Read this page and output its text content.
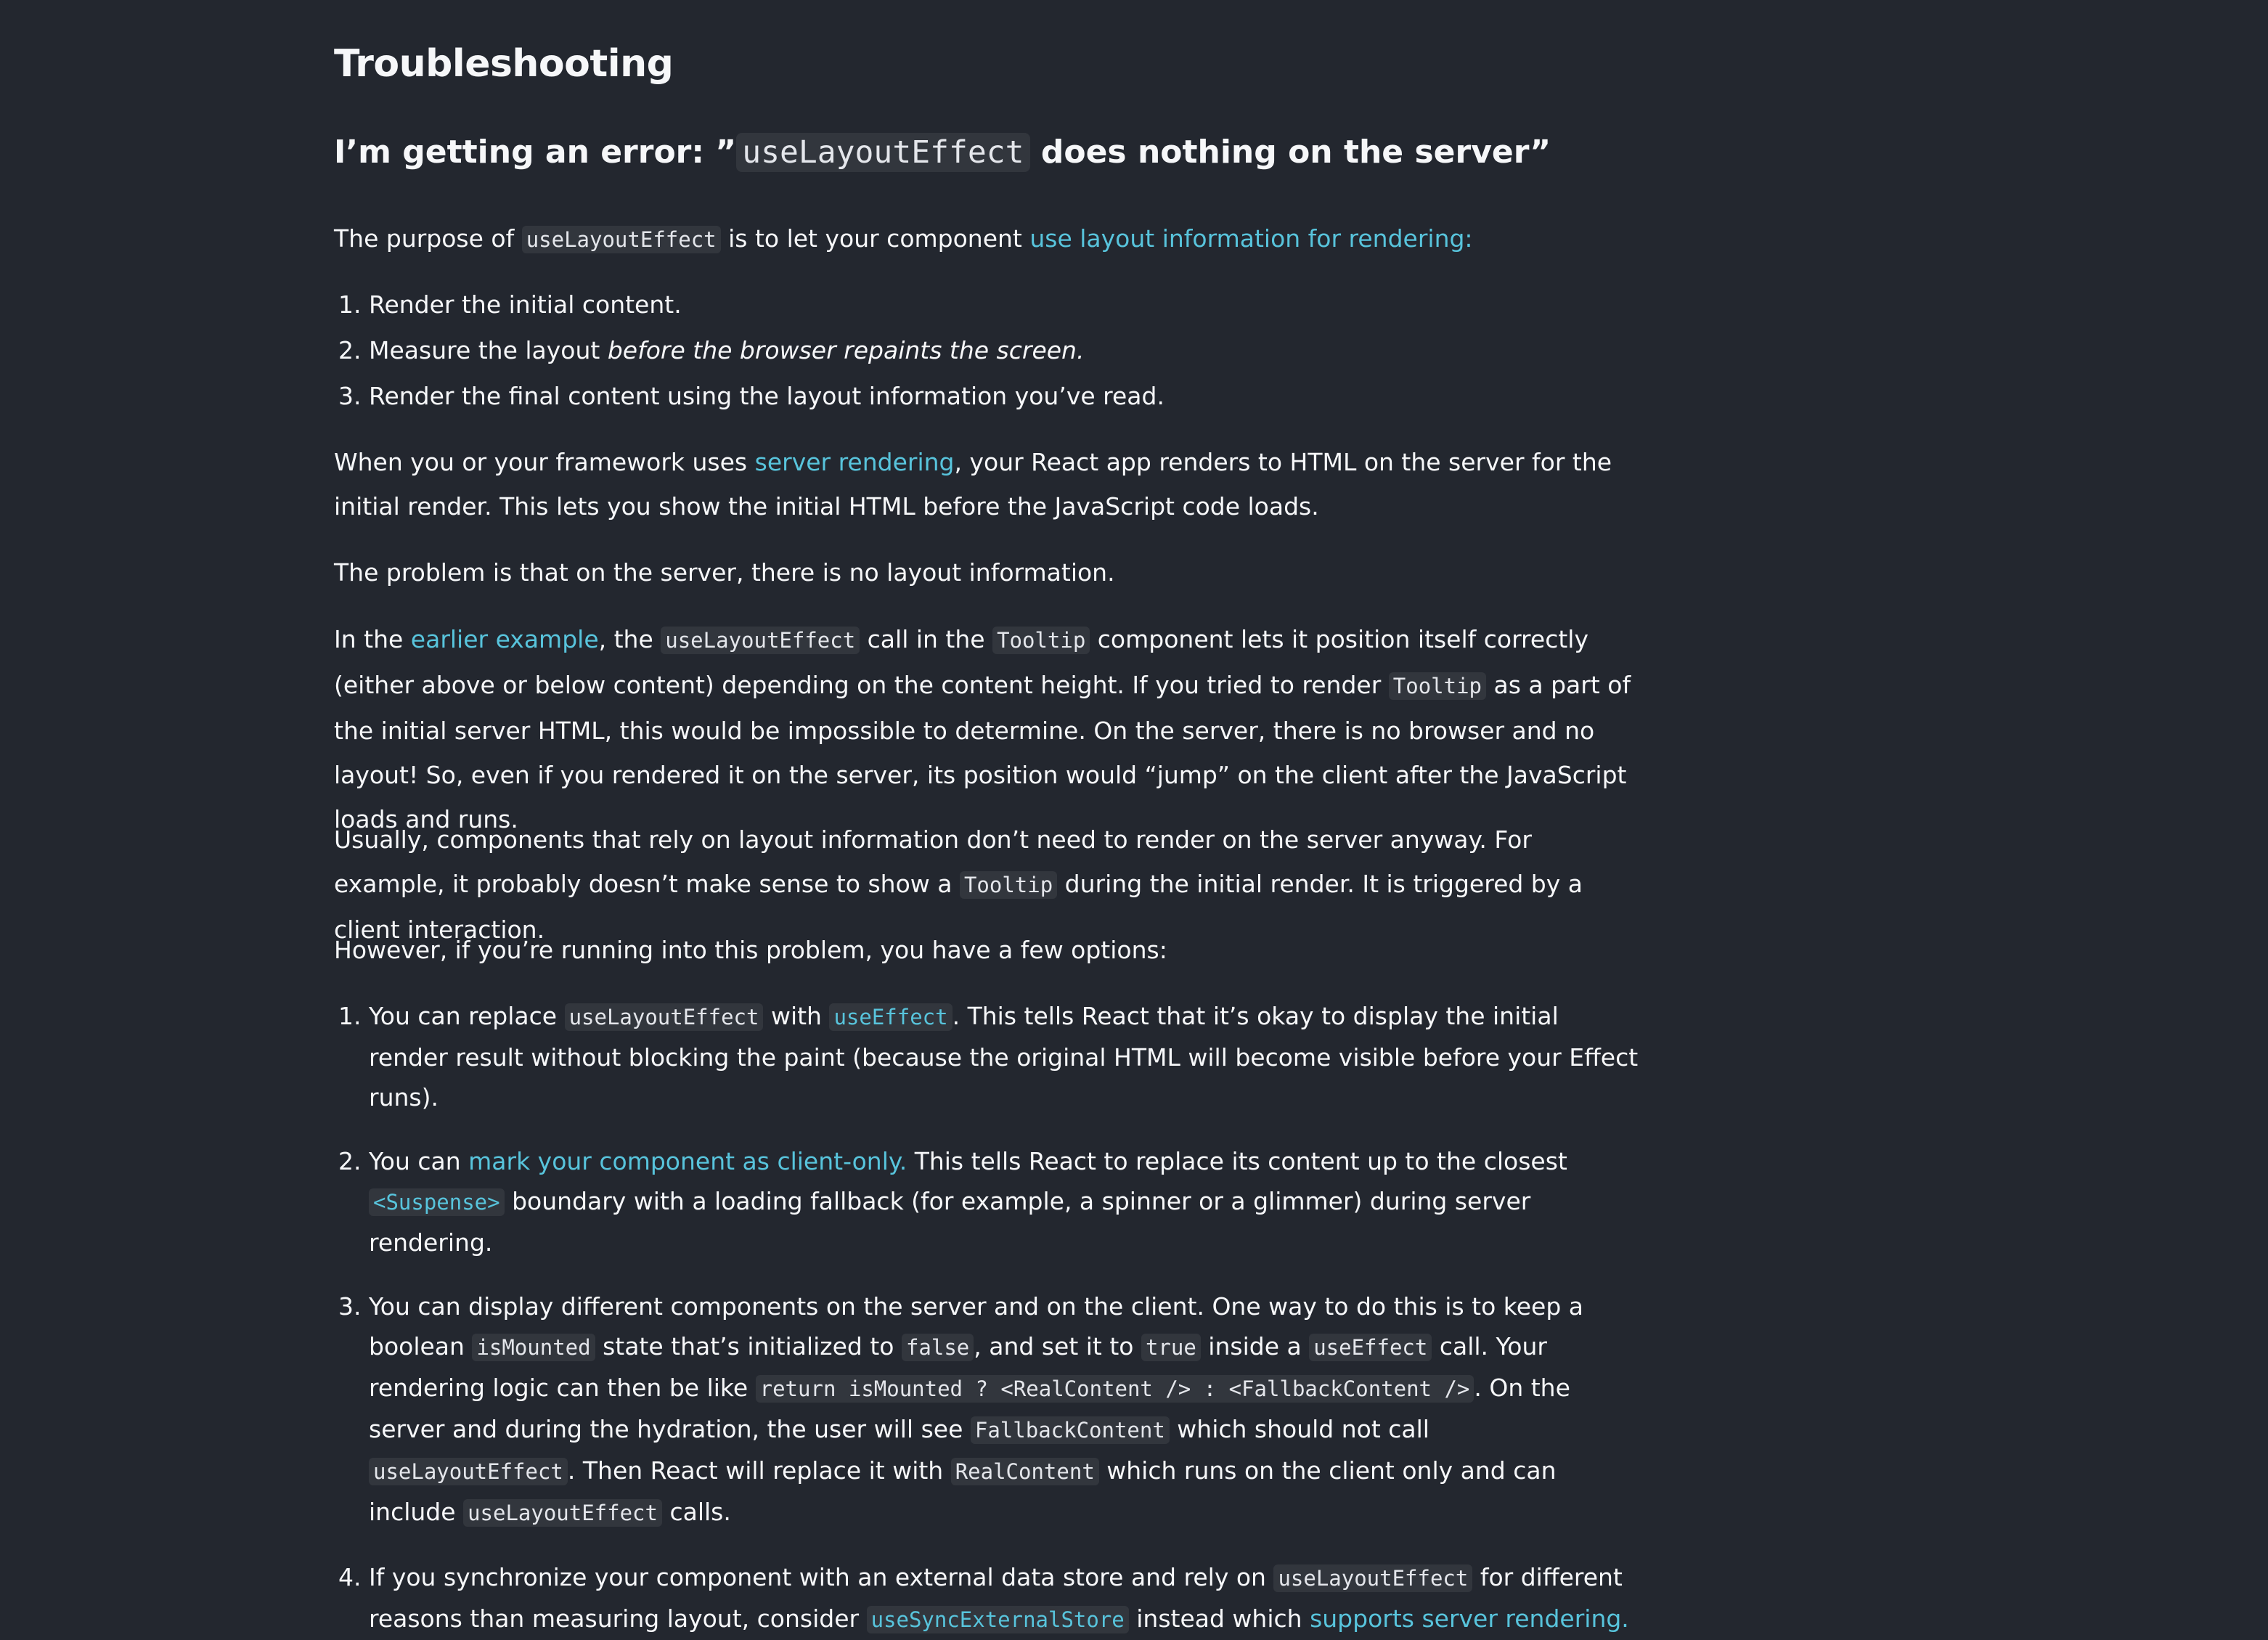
Troubleshooting
I’m getting an error: ” useLayoutEffect does nothing on the server”

The purpose of useLayoutEffect is to let your component use layout information for rendering:

1. Render the initial content.
2. Measure the layout before the browser repaints the screen.
3. Render the final content using the layout information you’ve read.

When you or your framework uses server rendering, your React app renders to HTML on the server for the initial render. This lets you show the initial HTML before the JavaScript code loads.

The problem is that on the server, there is no layout information.

In the earlier example, the useLayoutEffect call in the Tooltip component lets it position itself correctly (either above or below content) depending on the content height. If you tried to render Tooltip as a part of the initial server HTML, this would be impossible to determine. On the server, there is no browser and no layout! So, even if you rendered it on the server, its position would “jump” on the client after the JavaScript loads and runs.

Usually, components that rely on layout information don’t need to render on the server anyway. For example, it probably doesn’t make sense to show a Tooltip during the initial render. It is triggered by a client interaction.

However, if you’re running into this problem, you have a few options:

1. You can replace useLayoutEffect with useEffect . This tells React that it’s okay to display the initial render result without blocking the paint (because the original HTML will become visible before your Effect runs).
2. You can mark your component as client-only. This tells React to replace its content up to the closest <Suspense> boundary with a loading fallback (for example, a spinner or a glimmer) during server rendering.
3. You can display different components on the server and on the client. One way to do this is to keep a boolean isMounted state that’s initialized to false , and set it to true inside a useEffect call. Your rendering logic can then be like return isMounted ? <RealContent /> : <FallbackContent /> . On the server and during the hydration, the user will see FallbackContent which should not call useLayoutEffect . Then React will replace it with RealContent which runs on the client only and can include useLayoutEffect calls.
4. If you synchronize your component with an external data store and rely on useLayoutEffect for different reasons than measuring layout, consider useSyncExternalStore instead which supports server rendering.
